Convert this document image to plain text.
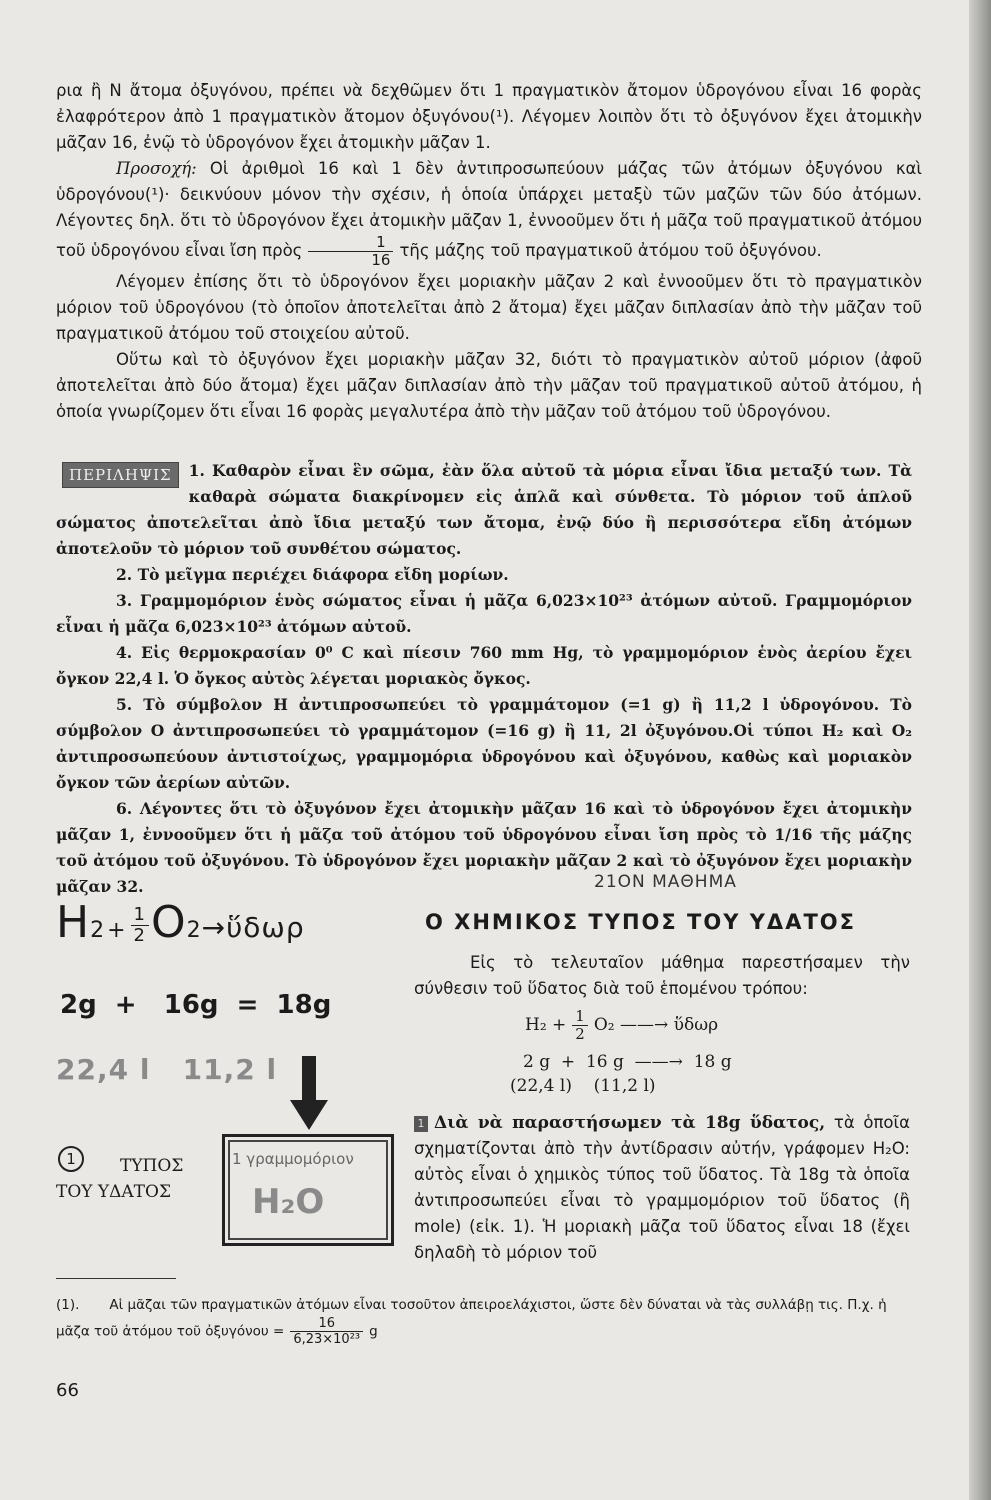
ρια ἢ Ν ἄτομα ὀξυγόνου, πρέπει νὰ δεχθῶμεν ὅτι 1 πραγματικὸν ἄτομον ὑδρογόνου εἶναι 16 φορὰς ἐλαφρότερον ἀπὸ 1 πραγματικὸν ἄτομον ὀξυγόνου(¹). Λέγομεν λοιπὸν ὅτι τὸ ὀξυγόνον ἔχει ἀτομικὴν μᾶζαν 16, ἐνῷ τὸ ὑδρογόνον ἔχει ἀτομικὴν μᾶζαν 1.

Προσοχή: Οἱ ἀριθμοὶ 16 καὶ 1 δὲν ἀντιπροσωπεύουν μάζας τῶν ἀτόμων ὀξυγόνου καὶ ὑδρογόνου(¹)· δεικνύουν μόνον τὴν σχέσιν, ἡ ὁποία ὑπάρχει μεταξὺ τῶν μαζῶν τῶν δύο ἀτόμων. Λέγοντες δηλ. ὅτι τὸ ὑδρογόνον ἔχει ἀτομικὴν μᾶζαν 1, ἐννοοῦμεν ὅτι ἡ μᾶζα τοῦ πραγματικοῦ ἀτόμου τοῦ ὑδρογόνου εἶναι ἴση πρὸς $\frac{1}{16}$ τῆς μάζης τοῦ πραγματικοῦ ἀτόμου τοῦ ὀξυγόνου.

Λέγομεν ἐπίσης ὅτι τὸ ὑδρογόνον ἔχει μοριακὴν μᾶζαν 2 καὶ ἐννοοῦμεν ὅτι τὸ πραγματικὸν μόριον τοῦ ὑδρογόνου (τὸ ὁποῖον ἀποτελεῖται ἀπὸ 2 ἄτομα) ἔχει μᾶζαν διπλασίαν ἀπὸ τὴν μᾶζαν τοῦ πραγματικοῦ ἀτόμου τοῦ στοιχείου αὐτοῦ.

Οὕτω καὶ τὸ ὀξυγόνον ἔχει μοριακὴν μᾶζαν 32, διότι τὸ πραγματικὸν αὐτοῦ μόριον (ἀφοῦ ἀποτελεῖται ἀπὸ δύο ἄτομα) ἔχει μᾶζαν διπλασίαν ἀπὸ τὴν μᾶζαν τοῦ πραγματικοῦ αὐτοῦ ἀτόμου, ἡ ὁποία γνωρίζομεν ὅτι εἶναι 16 φορὰς μεγαλυτέρα ἀπὸ τὴν μᾶζαν τοῦ ἀτόμου τοῦ ὑδρογόνου.

ΠΕΡΙΛΗΨΙΣ	1. Καθαρὸν εἶναι ἓν σῶμα, ἐὰν ὅλα αὐτοῦ τὰ μόρια εἶναι ἴδια μεταξύ των. Τὰ καθαρὰ σώματα διακρίνομεν εἰς ἁπλᾶ καὶ σύνθετα. Τὸ μόριον τοῦ ἁπλοῦ σώματος ἀποτελεῖται ἀπὸ ἴδια μεταξύ των ἄτομα, ἐνῷ δύο ἢ περισσότερα εἴδη ἀτόμων ἀποτελοῦν τὸ μόριον τοῦ συνθέτου σώματος.

2. Τὸ μεῖγμα περιέχει διάφορα εἴδη μορίων.

3. Γραμμομόριον ἑνὸς σώματος εἶναι ἡ μᾶζα 6,023×10²³ ἀτόμων αὐτοῦ. Γραμμομόριον εἶναι ἡ μᾶζα 6,023×10²³ ἀτόμων αὐτοῦ.

4. Εἰς θερμοκρασίαν 0⁰ C καὶ πίεσιν 760 mm Hg, τὸ γραμμομόριον ἑνὸς ἀερίου ἔχει ὄγκον 22,4 l. Ὁ ὄγκος αὐτὸς λέγεται μοριακὸς ὄγκος.

5. Τὸ σύμβολον H ἀντιπροσωπεύει τὸ γραμμάτομον (=1 g) ἢ 11,2 l ὑδρογόνου. Τὸ σύμβολον O ἀντιπροσωπεύει τὸ γραμμάτομον (=16 g) ἢ 11, 2l ὀξυγόνου.Οἱ τύποι H₂ καὶ O₂ ἀντιπροσωπεύουν ἀντιστοίχως, γραμμομόρια ὑδρογόνου καὶ ὀξυγόνου, καθὼς καὶ μοριακὸν ὄγκον τῶν ἀερίων αὐτῶν.

6. Λέγοντες ὅτι τὸ ὀξυγόνον ἔχει ἀτομικὴν μᾶζαν 16 καὶ τὸ ὑδρογόνον ἔχει ἀτομικὴν μᾶζαν 1, ἐννοοῦμεν ὅτι ἡ μᾶζα τοῦ ἀτόμου τοῦ ὑδρογόνου εἶναι ἴση πρὸς τὸ 1/16 τῆς μάζης τοῦ ἀτόμου τοῦ ὀξυγόνου. Τὸ ὑδρογόνον ἔχει μοριακὴν μᾶζαν 2 καὶ τὸ ὀξυγόνον ἔχει μοριακὴν μᾶζαν 32.

$H2+ \frac{1}{2}$ O2→ὕδωρ
2g  +   16g  =  18g
22,4 l   11,2 l
1 γραμμομόριον
H₂O
1	ΤΥΠΟΣ
ΤΟΥ ΥΔΑΤΟΣ
21ΟΝ ΜΑΘΗΜΑ
Ο ΧΗΜΙΚΟΣ ΤΥΠΟΣ ΤΟΥ ΥΔΑΤΟΣ

Εἰς τὸ τελευταῖον μάθημα παρεστήσαμεν τὴν σύνθεσιν τοῦ ὕδατος διὰ τοῦ ἑπομένου τρόπου:

$H_2 + \frac{1}{2} O_2$ ——→ ὕδωρ
2 g  +  16 g  ——→  18 g
(22,4 l)    (11,2 l)

1 Διὰ νὰ παραστήσωμεν τὰ 18g ὕδατος, τὰ ὁποῖα σχηματίζονται ἀπὸ τὴν ἀντίδρασιν αὐτήν, γράφομεν H₂O: αὐτὸς εἶναι ὁ χημικὸς τύπος τοῦ ὕδατος. Τὰ 18g τὰ ὁποῖα ἀντιπροσωπεύει εἶναι τὸ γραμμομόριον τοῦ ὕδατος (ἢ mole) (εἰκ. 1). Ἡ μοριακὴ μᾶζα τοῦ ὕδατος εἶναι 18 (ἔχει δηλαδὴ τὸ μόριον τοῦ

(1). Αἱ μᾶζαι τῶν πραγματικῶν ἀτόμων εἶναι τοσοῦτον ἀπειροελάχιστοι, ὥστε δὲν δύναται νὰ τὰς συλλάβῃ τις. Π.χ. ἡ μᾶζα τοῦ ἀτόμου τοῦ ὀξυγόνου = $\frac{16}{\text{6,23×10²³}}$ g
66
